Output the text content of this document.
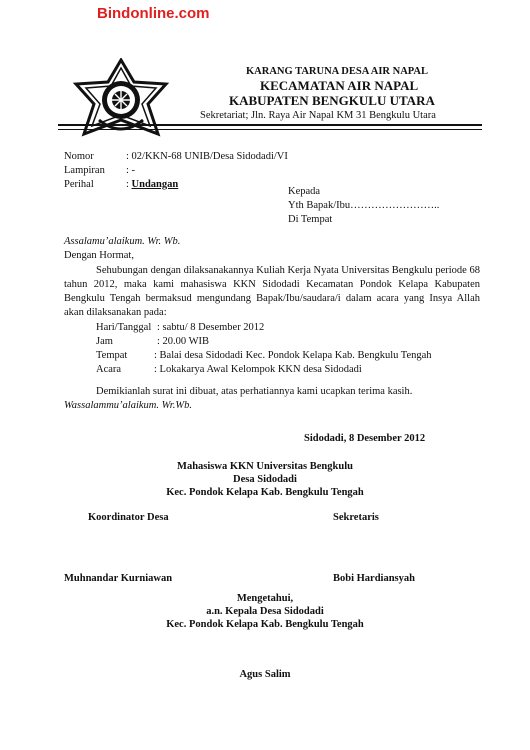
Bindonline.com
KARANG TARUNA DESA AIR NAPAL
KECAMATAN AIR NAPAL
KABUPATEN BENGKULU UTARA
Sekretariat; Jln. Raya Air Napal KM 31 Bengkulu Utara
Nomor	: 02/KKN-68 UNIB/Desa Sidodadi/VI
Lampiran : -
Perihal	: Undangan
Kepada
Yth Bapak/Ibu……………………..
Di Tempat
Assalamu’alaikum. Wr. Wb.
Dengan Hormat,
Sehubungan dengan dilaksanakannya Kuliah Kerja Nyata Universitas Bengkulu periode 68 tahun 2012, maka kami mahasiswa KKN Sidodadi Kecamatan Pondok Kelapa Kabupaten Bengkulu Tengah bermaksud mengundang Bapak/Ibu/saudara/i dalam acara yang Insya Allah akan dilaksanakan pada:
Hari/Tanggal : sabtu/ 8 Desember 2012
Jam	: 20.00 WIB
Tempat	: Balai desa Sidodadi Kec. Pondok Kelapa Kab. Bengkulu Tengah
Acara	: Lokakarya Awal Kelompok KKN desa Sidodadi
Demikianlah surat ini dibuat, atas perhatiannya kami ucapkan terima kasih.
Wassalammu’alaikum. Wr.Wb.
Sidodadi, 8 Desember 2012
Mahasiswa KKN Universitas Bengkulu
Desa Sidodadi
Kec. Pondok Kelapa Kab. Bengkulu Tengah
Koordinator Desa	Sekretaris
Muhnandar Kurniawan	Bobi Hardiansyah
Mengetahui,
a.n. Kepala Desa Sidodadi
Kec. Pondok Kelapa Kab. Bengkulu Tengah
Agus Salim
